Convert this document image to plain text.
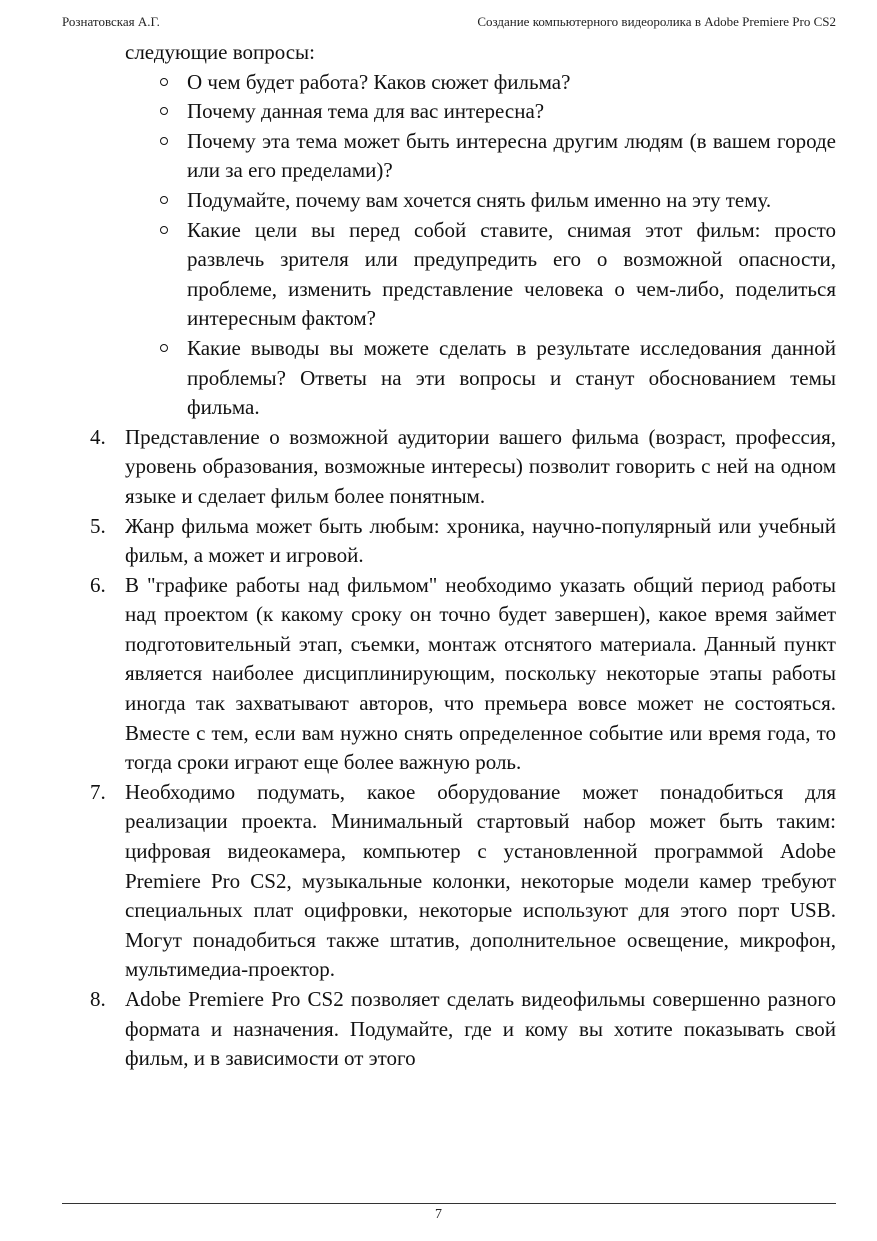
Рознатовская А.Г.	Создание компьютерного видеоролика в Adobe Premiere Pro CS2
следующие вопросы:
О чем будет работа? Каков сюжет фильма?
Почему данная тема для вас интересна?
Почему эта тема может быть интересна другим людям (в вашем городе или за его пределами)?
Подумайте, почему вам хочется снять фильм именно на эту тему.
Какие цели вы перед собой ставите, снимая этот фильм: просто развлечь зрителя или предупредить его о возможной опасности, проблеме, изменить представление человека о чем-либо, поделиться интересным фактом?
Какие выводы вы можете сделать в результате исследования данной проблемы? Ответы на эти вопросы и станут обоснованием темы фильма.
4. Представление о возможной аудитории вашего фильма (возраст, профессия, уровень образования, возможные интересы) позволит говорить с ней на одном языке и сделает фильм более понятным.
5. Жанр фильма может быть любым: хроника, научно-популярный или учебный фильм, а может и игровой.
6. В "графике работы над фильмом" необходимо указать общий период работы над проектом (к какому сроку он точно будет завершен), какое время займет подготовительный этап, съемки, монтаж отснятого материала. Данный пункт является наиболее дисциплинирующим, поскольку некоторые этапы работы иногда так захватывают авторов, что премьера вовсе может не состояться. Вместе с тем, если вам нужно снять определенное событие или время года, то тогда сроки играют еще более важную роль.
7. Необходимо подумать, какое оборудование может понадобиться для реализации проекта. Минимальный стартовый набор может быть таким: цифровая видеокамера, компьютер с установленной программой Adobe Premiere Pro CS2, музыкальные колонки, некоторые модели камер требуют специальных плат оцифровки, некоторые используют для этого порт USB. Могут понадобиться также штатив, дополнительное освещение, микрофон, мультимедиа-проектор.
8. Adobe Premiere Pro CS2 позволяет сделать видеофильмы совершенно разного формата и назначения. Подумайте, где и кому вы хотите показывать свой фильм, и в зависимости от этого
7
